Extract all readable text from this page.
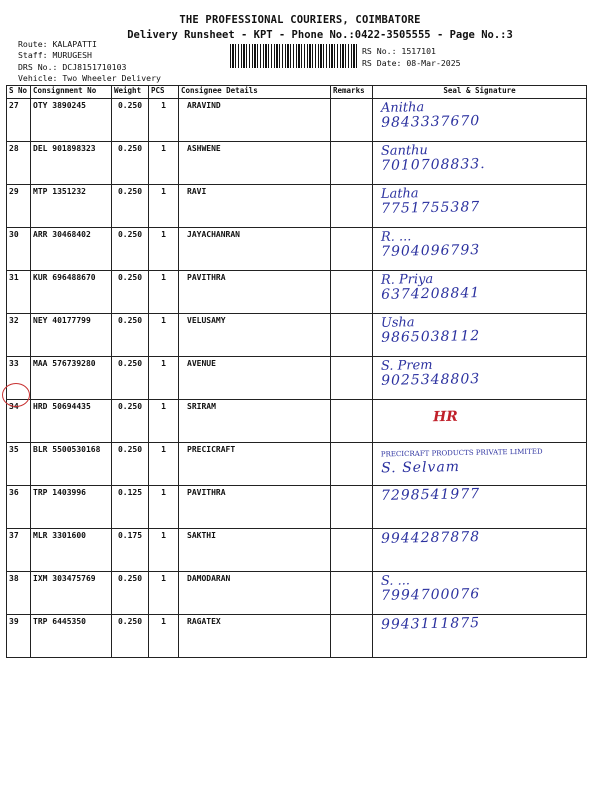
THE PROFESSIONAL COURIERS, COIMBATORE
Delivery Runsheet - KPT - Phone No.:0422-3505555 - Page No.:3
Route: KALAPATTI
Staff: MURUGESH
DRS No.: DCJ8151710103
Vehicle: Two Wheeler Delivery
RS No.: 1517101
RS Date: 08-Mar-2025
S No	Consignment No	Weight	PCS	Consignee Details	Remarks	Seal & Signature
27	OTY 3890245	0.250	1	ARAVIND		Anitha
9843337670

28	DEL 901898323	0.250	1	ASHWENE		Santhu
7010708833.

29	MTP 1351232	0.250	1	RAVI		Latha
7751755387

30	ARR 30468402	0.250	1	JAYACHANRAN		R. ...
7904096793

31	KUR 696488670	0.250	1	PAVITHRA		R. Priya
6374208841

32	NEY 40177799	0.250	1	VELUSAMY		Usha
9865038112

33	MAA 576739280	0.250	1	AVENUE		S. Prem
9025348803

34	HRD 50694435	0.250	1	SRIRAM		HR

35	BLR 5500530168	0.250	1	PRECICRAFT		PRECICRAFT PRODUCTS PRIVATE LIMITED
S. Selvam

36	TRP 1403996	0.125	1	PAVITHRA		7298541977

37	MLR 3301600	0.175	1	SAKTHI		9944287878

38	IXM 303475769	0.250	1	DAMODARAN		S. ...
7994700076

39	TRP 6445350	0.250	1	RAGATEX		9943111875
